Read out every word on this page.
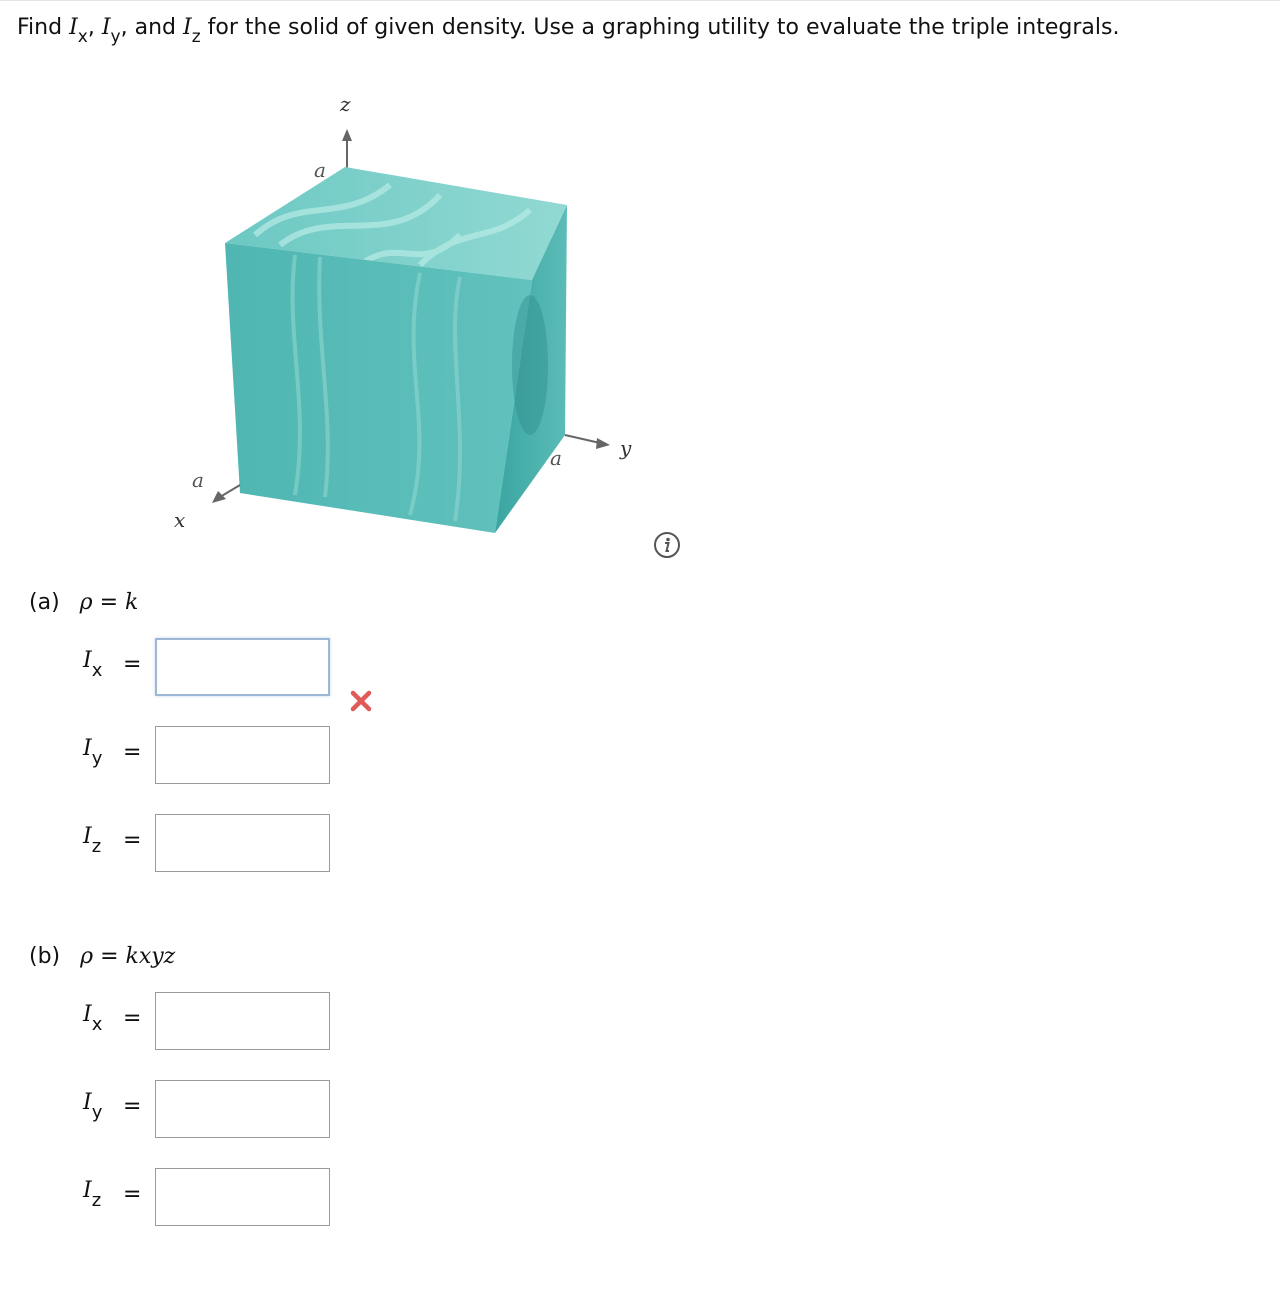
Find $I_x$, $I_y$, and $I_z$ for the solid of given density. Use a graphing utility to evaluate the triple integrals.
z
a
y
a
x
a
(a) ρ = k
$I_x$ =
$I_y$ =
$I_z$ =
(b) ρ = kxyz
$I_x$ =
$I_y$ =
$I_z$ =
